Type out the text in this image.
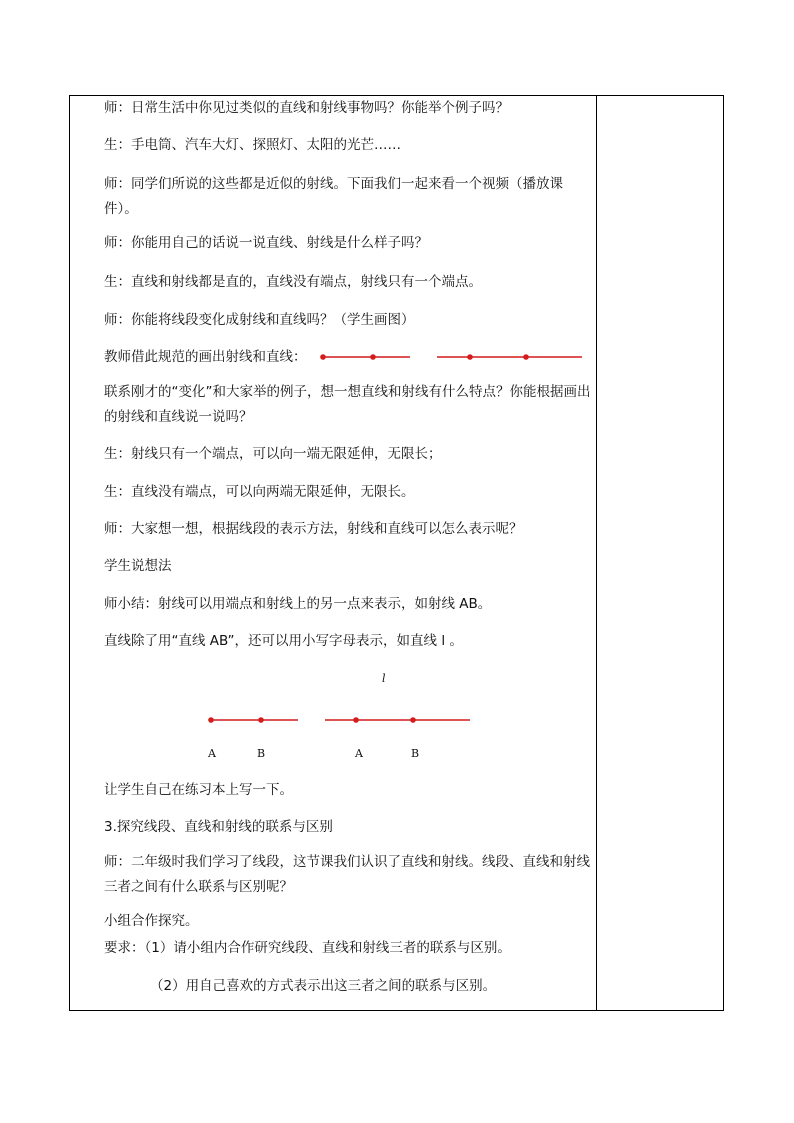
师：日常生活中你见过类似的直线和射线事物吗？你能举个例子吗？
生：手电筒、汽车大灯、探照灯、太阳的光芒……
师：同学们所说的这些都是近似的射线。下面我们一起来看一个视频（播放课件）。
师：你能用自己的话说一说直线、射线是什么样子吗？
生：直线和射线都是直的，直线没有端点，射线只有一个端点。
师：你能将线段变化成射线和直线吗？（学生画图）
教师借此规范的画出射线和直线：
联系刚才的“变化”和大家举的例子，想一想直线和射线有什么特点？你能根据画出的射线和直线说一说吗？
生：射线只有一个端点，可以向一端无限延伸，无限长；
生：直线没有端点，可以向两端无限延伸，无限长。
师：大家想一想，根据线段的表示方法，射线和直线可以怎么表示呢？
学生说想法
师小结：射线可以用端点和射线上的另一点来表示，如射线 AB。
直线除了用“直线 AB”，还可以用小写字母表示，如直线 l 。
让学生自己在练习本上写一下。
3.探究线段、直线和射线的联系与区别
师：二年级时我们学习了线段，这节课我们认识了直线和射线。线段、直线和射线三者之间有什么联系与区别呢？
小组合作探究。
要求：（1）请小组内合作研究线段、直线和射线三者的联系与区别。
（2）用自己喜欢的方式表示出这三者之间的联系与区别。
l
A	B	A	B
